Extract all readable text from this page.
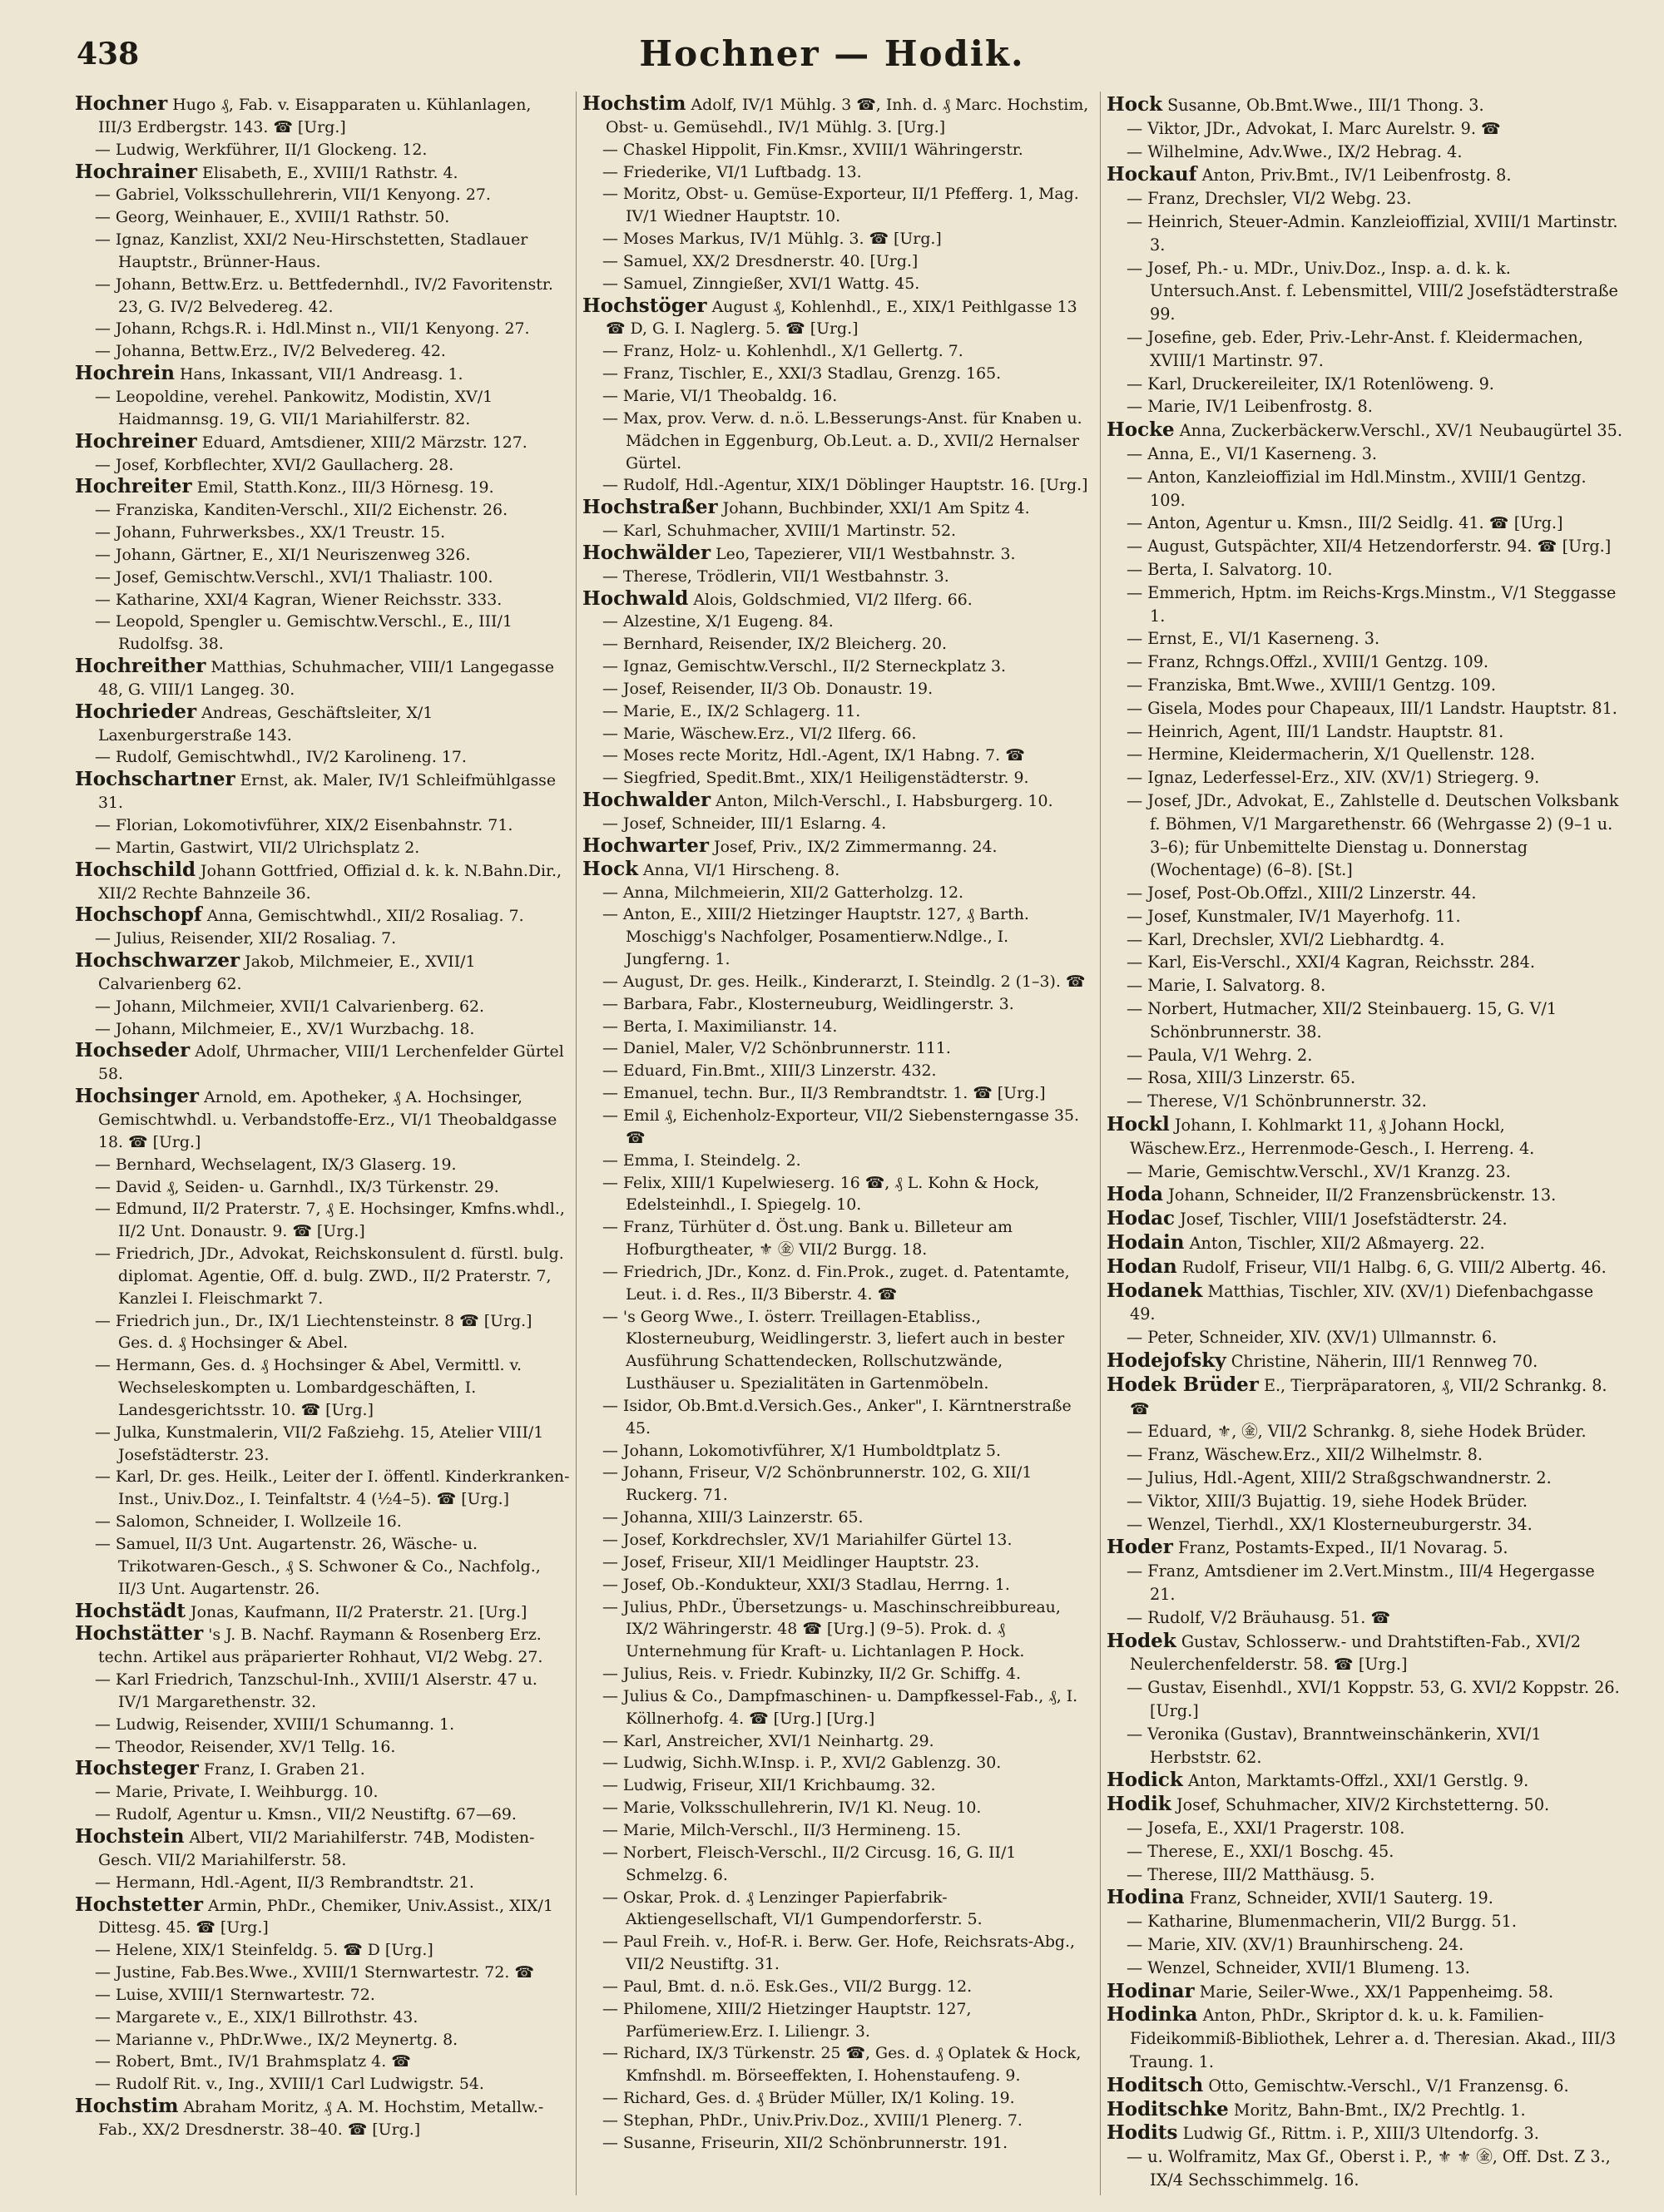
438	Hochner — Hodik.

Hochner Hugo ₰, Fab. v. Eisapparaten u. Kühlanlagen, III/3 Erdbergstr. 143. ☎ [Urg.]

— Ludwig, Werkführer, II/1 Glockeng. 12.

Hochrainer Elisabeth, E., XVIII/1 Rathstr. 4.

— Gabriel, Volksschullehrerin, VII/1 Kenyong. 27.

— Georg, Weinhauer, E., XVIII/1 Rathstr. 50.

— Ignaz, Kanzlist, XXI/2 Neu-Hirschstetten, Stadlauer Hauptstr., Brünner-Haus.

— Johann, Bettw.Erz. u. Bettfedernhdl., IV/2 Favoritenstr. 23, G. IV/2 Belvedereg. 42.

— Johann, Rchgs.R. i. Hdl.Minst n., VII/1 Kenyong. 27.

— Johanna, Bettw.Erz., IV/2 Belvedereg. 42.

Hochrein Hans, Inkassant, VII/1 Andreasg. 1.

— Leopoldine, verehel. Pankowitz, Modistin, XV/1 Haidmannsg. 19, G. VII/1 Mariahilferstr. 82.

Hochreiner Eduard, Amtsdiener, XIII/2 Märzstr. 127.

— Josef, Korbflechter, XVI/2 Gaullacherg. 28.

Hochreiter Emil, Statth.Konz., III/3 Hörnesg. 19.

— Franziska, Kanditen-Verschl., XII/2 Eichenstr. 26.

— Johann, Fuhrwerksbes., XX/1 Treustr. 15.

— Johann, Gärtner, E., XI/1 Neuriszenweg 326.

— Josef, Gemischtw.Verschl., XVI/1 Thaliastr. 100.

— Katharine, XXI/4 Kagran, Wiener Reichsstr. 333.

— Leopold, Spengler u. Gemischtw.Verschl., E., III/1 Rudolfsg. 38.

Hochreither Matthias, Schuhmacher, VIII/1 Langegasse 48, G. VIII/1 Langeg. 30.

Hochrieder Andreas, Geschäftsleiter, X/1 Laxenburgerstraße 143.

— Rudolf, Gemischtwhdl., IV/2 Karolineng. 17.

Hochschartner Ernst, ak. Maler, IV/1 Schleifmühlgasse 31.

— Florian, Lokomotivführer, XIX/2 Eisenbahnstr. 71.

— Martin, Gastwirt, VII/2 Ulrichsplatz 2.

Hochschild Johann Gottfried, Offizial d. k. k. N.Bahn.Dir., XII/2 Rechte Bahnzeile 36.

Hochschopf Anna, Gemischtwhdl., XII/2 Rosaliag. 7.

— Julius, Reisender, XII/2 Rosaliag. 7.

Hochschwarzer Jakob, Milchmeier, E., XVII/1 Calvarienberg 62.

— Johann, Milchmeier, XVII/1 Calvarienberg. 62.

— Johann, Milchmeier, E., XV/1 Wurzbachg. 18.

Hochseder Adolf, Uhrmacher, VIII/1 Lerchenfelder Gürtel 58.

Hochsinger Arnold, em. Apotheker, ₰ A. Hochsinger, Gemischtwhdl. u. Verbandstoffe-Erz., VI/1 Theobaldgasse 18. ☎ [Urg.]

— Bernhard, Wechselagent, IX/3 Glaserg. 19.

— David ₰, Seiden- u. Garnhdl., IX/3 Türkenstr. 29.

— Edmund, II/2 Praterstr. 7, ₰ E. Hochsinger, Kmfns.whdl., II/2 Unt. Donaustr. 9. ☎ [Urg.]

— Friedrich, JDr., Advokat, Reichskonsulent d. fürstl. bulg. diplomat. Agentie, Off. d. bulg. ZWD., II/2 Praterstr. 7, Kanzlei I. Fleischmarkt 7.

— Friedrich jun., Dr., IX/1 Liechtensteinstr. 8 ☎ [Urg.] Ges. d. ₰ Hochsinger & Abel.

— Hermann, Ges. d. ₰ Hochsinger & Abel, Vermittl. v. Wechseleskompten u. Lombardgeschäften, I. Landesgerichtsstr. 10. ☎ [Urg.]

— Julka, Kunstmalerin, VII/2 Faßziehg. 15, Atelier VIII/1 Josefstädterstr. 23.

— Karl, Dr. ges. Heilk., Leiter der I. öffentl. Kinderkranken-Inst., Univ.Doz., I. Teinfaltstr. 4 (½4–5). ☎ [Urg.]

— Salomon, Schneider, I. Wollzeile 16.

— Samuel, II/3 Unt. Augartenstr. 26, Wäsche- u. Trikotwaren-Gesch., ₰ S. Schwoner & Co., Nachfolg., II/3 Unt. Augartenstr. 26.

Hochstädt Jonas, Kaufmann, II/2 Praterstr. 21. [Urg.]

Hochstätter 's J. B. Nachf. Raymann & Rosenberg Erz. techn. Artikel aus präparierter Rohhaut, VI/2 Webg. 27.

— Karl Friedrich, Tanzschul-Inh., XVIII/1 Alserstr. 47 u. IV/1 Margarethenstr. 32.

— Ludwig, Reisender, XVIII/1 Schumanng. 1.

— Theodor, Reisender, XV/1 Tellg. 16.

Hochsteger Franz, I. Graben 21.

— Marie, Private, I. Weihburgg. 10.

— Rudolf, Agentur u. Kmsn., VII/2 Neustiftg. 67—69.

Hochstein Albert, VII/2 Mariahilferstr. 74B, Modisten-Gesch. VII/2 Mariahilferstr. 58.

— Hermann, Hdl.-Agent, II/3 Rembrandtstr. 21.

Hochstetter Armin, PhDr., Chemiker, Univ.Assist., XIX/1 Dittesg. 45. ☎ [Urg.]

— Helene, XIX/1 Steinfeldg. 5. ☎ D [Urg.]

— Justine, Fab.Bes.Wwe., XVIII/1 Sternwartestr. 72. ☎

— Luise, XVIII/1 Sternwartestr. 72.

— Margarete v., E., XIX/1 Billrothstr. 43.

— Marianne v., PhDr.Wwe., IX/2 Meynertg. 8.

— Robert, Bmt., IV/1 Brahmsplatz 4. ☎

— Rudolf Rit. v., Ing., XVIII/1 Carl Ludwigstr. 54.

Hochstim Abraham Moritz, ₰ A. M. Hochstim, Metallw.-Fab., XX/2 Dresdnerstr. 38–40. ☎ [Urg.]

Hochstim Adolf, IV/1 Mühlg. 3 ☎, Inh. d. ₰ Marc. Hochstim, Obst- u. Gemüsehdl., IV/1 Mühlg. 3. [Urg.]

— Chaskel Hippolit, Fin.Kmsr., XVIII/1 Währingerstr.

— Friederike, VI/1 Luftbadg. 13.

— Moritz, Obst- u. Gemüse-Exporteur, II/1 Pfefferg. 1, Mag. IV/1 Wiedner Hauptstr. 10.

— Moses Markus, IV/1 Mühlg. 3. ☎ [Urg.]

— Samuel, XX/2 Dresdnerstr. 40. [Urg.]

— Samuel, Zinngießer, XVI/1 Wattg. 45.

Hochstöger August ₰, Kohlenhdl., E., XIX/1 Peithlgasse 13 ☎ D, G. I. Naglerg. 5. ☎ [Urg.]

— Franz, Holz- u. Kohlenhdl., X/1 Gellertg. 7.

— Franz, Tischler, E., XXI/3 Stadlau, Grenzg. 165.

— Marie, VI/1 Theobaldg. 16.

— Max, prov. Verw. d. n.ö. L.Besserungs-Anst. für Knaben u. Mädchen in Eggenburg, Ob.Leut. a. D., XVII/2 Hernalser Gürtel.

— Rudolf, Hdl.-Agentur, XIX/1 Döblinger Hauptstr. 16. [Urg.]

Hochstraßer Johann, Buchbinder, XXI/1 Am Spitz 4.

— Karl, Schuhmacher, XVIII/1 Martinstr. 52.

Hochwälder Leo, Tapezierer, VII/1 Westbahnstr. 3.

— Therese, Trödlerin, VII/1 Westbahnstr. 3.

Hochwald Alois, Goldschmied, VI/2 Ilferg. 66.

— Alzestine, X/1 Eugeng. 84.

— Bernhard, Reisender, IX/2 Bleicherg. 20.

— Ignaz, Gemischtw.Verschl., II/2 Sterneckplatz 3.

— Josef, Reisender, II/3 Ob. Donaustr. 19.

— Marie, E., IX/2 Schlagerg. 11.

— Marie, Wäschew.Erz., VI/2 Ilferg. 66.

— Moses recte Moritz, Hdl.-Agent, IX/1 Habng. 7. ☎

— Siegfried, Spedit.Bmt., XIX/1 Heiligenstädterstr. 9.

Hochwalder Anton, Milch-Verschl., I. Habsburgerg. 10.

— Josef, Schneider, III/1 Eslarng. 4.

Hochwarter Josef, Priv., IX/2 Zimmermanng. 24.

Hock Anna, VI/1 Hirscheng. 8.

— Anna, Milchmeierin, XII/2 Gatterholzg. 12.

— Anton, E., XIII/2 Hietzinger Hauptstr. 127, ₰ Barth. Moschigg's Nachfolger, Posamentierw.Ndlge., I. Jungferng. 1.

— August, Dr. ges. Heilk., Kinderarzt, I. Steindlg. 2 (1–3). ☎

— Barbara, Fabr., Klosterneuburg, Weidlingerstr. 3.

— Berta, I. Maximilianstr. 14.

— Daniel, Maler, V/2 Schönbrunnerstr. 111.

— Eduard, Fin.Bmt., XIII/3 Linzerstr. 432.

— Emanuel, techn. Bur., II/3 Rembrandtstr. 1. ☎ [Urg.]

— Emil ₰, Eichenholz-Exporteur, VII/2 Siebensterngasse 35. ☎

— Emma, I. Steindelg. 2.

— Felix, XIII/1 Kupelwieserg. 16 ☎, ₰ L. Kohn & Hock, Edelsteinhdl., I. Spiegelg. 10.

— Franz, Türhüter d. Öst.ung. Bank u. Billeteur am Hofburgtheater, ⚜ ㊎ VII/2 Burgg. 18.

— Friedrich, JDr., Konz. d. Fin.Prok., zuget. d. Patentamte, Leut. i. d. Res., II/3 Biberstr. 4. ☎

— 's Georg Wwe., I. österr. Treillagen-Etabliss., Klosterneuburg, Weidlingerstr. 3, liefert auch in bester Ausführung Schattendecken, Rollschutzwände, Lusthäuser u. Spezialitäten in Gartenmöbeln.

— Isidor, Ob.Bmt.d.Versich.Ges., Anker", I. Kärntnerstraße 45.

— Johann, Lokomotivführer, X/1 Humboldtplatz 5.

— Johann, Friseur, V/2 Schönbrunnerstr. 102, G. XII/1 Ruckerg. 71.

— Johanna, XIII/3 Lainzerstr. 65.

— Josef, Korkdrechsler, XV/1 Mariahilfer Gürtel 13.

— Josef, Friseur, XII/1 Meidlinger Hauptstr. 23.

— Josef, Ob.-Kondukteur, XXI/3 Stadlau, Herrng. 1.

— Julius, PhDr., Übersetzungs- u. Maschinschreibbureau, IX/2 Währingerstr. 48 ☎ [Urg.] (9–5). Prok. d. ₰ Unternehmung für Kraft- u. Lichtanlagen P. Hock.

— Julius, Reis. v. Friedr. Kubinzky, II/2 Gr. Schiffg. 4.

— Julius & Co., Dampfmaschinen- u. Dampfkessel-Fab., ₰, I. Köllnerhofg. 4. ☎ [Urg.] [Urg.]

— Karl, Anstreicher, XVI/1 Neinhartg. 29.

— Ludwig, Sichh.W.Insp. i. P., XVI/2 Gablenzg. 30.

— Ludwig, Friseur, XII/1 Krichbaumg. 32.

— Marie, Volksschullehrerin, IV/1 Kl. Neug. 10.

— Marie, Milch-Verschl., II/3 Hermineng. 15.

— Norbert, Fleisch-Verschl., II/2 Circusg. 16, G. II/1 Schmelzg. 6.

— Oskar, Prok. d. ₰ Lenzinger Papierfabrik-Aktiengesellschaft, VI/1 Gumpendorferstr. 5.

— Paul Freih. v., Hof-R. i. Berw. Ger. Hofe, Reichsrats-Abg., VII/2 Neustiftg. 31.

— Paul, Bmt. d. n.ö. Esk.Ges., VII/2 Burgg. 12.

— Philomene, XIII/2 Hietzinger Hauptstr. 127, Parfümeriew.Erz. I. Liliengr. 3.

— Richard, IX/3 Türkenstr. 25 ☎, Ges. d. ₰ Oplatek & Hock, Kmfnshdl. m. Börseeffekten, I. Hohenstaufeng. 9.

— Richard, Ges. d. ₰ Brüder Müller, IX/1 Koling. 19.

— Stephan, PhDr., Univ.Priv.Doz., XVIII/1 Plenerg. 7.

— Susanne, Friseurin, XII/2 Schönbrunnerstr. 191.

Hock Susanne, Ob.Bmt.Wwe., III/1 Thong. 3.

— Viktor, JDr., Advokat, I. Marc Aurelstr. 9. ☎

— Wilhelmine, Adv.Wwe., IX/2 Hebrag. 4.

Hockauf Anton, Priv.Bmt., IV/1 Leibenfrostg. 8.

— Franz, Drechsler, VI/2 Webg. 23.

— Heinrich, Steuer-Admin. Kanzleioffizial, XVIII/1 Martinstr. 3.

— Josef, Ph.- u. MDr., Univ.Doz., Insp. a. d. k. k. Untersuch.Anst. f. Lebensmittel, VIII/2 Josefstädterstraße 99.

— Josefine, geb. Eder, Priv.-Lehr-Anst. f. Kleidermachen, XVIII/1 Martinstr. 97.

— Karl, Druckereileiter, IX/1 Rotenlöweng. 9.

— Marie, IV/1 Leibenfrostg. 8.

Hocke Anna, Zuckerbäckerw.Verschl., XV/1 Neubaugürtel 35.

— Anna, E., VI/1 Kaserneng. 3.

— Anton, Kanzleioffizial im Hdl.Minstm., XVIII/1 Gentzg. 109.

— Anton, Agentur u. Kmsn., III/2 Seidlg. 41. ☎ [Urg.]

— August, Gutspächter, XII/4 Hetzendorferstr. 94. ☎ [Urg.]

— Berta, I. Salvatorg. 10.

— Emmerich, Hptm. im Reichs-Krgs.Minstm., V/1 Steggasse 1.

— Ernst, E., VI/1 Kaserneng. 3.

— Franz, Rchngs.Offzl., XVIII/1 Gentzg. 109.

— Franziska, Bmt.Wwe., XVIII/1 Gentzg. 109.

— Gisela, Modes pour Chapeaux, III/1 Landstr. Hauptstr. 81.

— Heinrich, Agent, III/1 Landstr. Hauptstr. 81.

— Hermine, Kleidermacherin, X/1 Quellenstr. 128.

— Ignaz, Lederfessel-Erz., XIV. (XV/1) Striegerg. 9.

— Josef, JDr., Advokat, E., Zahlstelle d. Deutschen Volksbank f. Böhmen, V/1 Margarethenstr. 66 (Wehrgasse 2) (9–1 u. 3–6); für Unbemittelte Dienstag u. Donnerstag (Wochentage) (6–8). [St.]

— Josef, Post-Ob.Offzl., XIII/2 Linzerstr. 44.

— Josef, Kunstmaler, IV/1 Mayerhofg. 11.

— Karl, Drechsler, XVI/2 Liebhardtg. 4.

— Karl, Eis-Verschl., XXI/4 Kagran, Reichsstr. 284.

— Marie, I. Salvatorg. 8.

— Norbert, Hutmacher, XII/2 Steinbauerg. 15, G. V/1 Schönbrunnerstr. 38.

— Paula, V/1 Wehrg. 2.

— Rosa, XIII/3 Linzerstr. 65.

— Therese, V/1 Schönbrunnerstr. 32.

Hockl Johann, I. Kohlmarkt 11, ₰ Johann Hockl, Wäschew.Erz., Herrenmode-Gesch., I. Herreng. 4.

— Marie, Gemischtw.Verschl., XV/1 Kranzg. 23.

Hoda Johann, Schneider, II/2 Franzensbrückenstr. 13.

Hodac Josef, Tischler, VIII/1 Josefstädterstr. 24.

Hodain Anton, Tischler, XII/2 Aßmayerg. 22.

Hodan Rudolf, Friseur, VII/1 Halbg. 6, G. VIII/2 Albertg. 46.

Hodanek Matthias, Tischler, XIV. (XV/1) Diefenbachgasse 49.

— Peter, Schneider, XIV. (XV/1) Ullmannstr. 6.

Hodejofsky Christine, Näherin, III/1 Rennweg 70.

Hodek Brüder E., Tierpräparatoren, ₰, VII/2 Schrankg. 8. ☎

— Eduard, ⚜, ㊎, VII/2 Schrankg. 8, siehe Hodek Brüder.

— Franz, Wäschew.Erz., XII/2 Wilhelmstr. 8.

— Julius, Hdl.-Agent, XIII/2 Straßgschwandnerstr. 2.

— Viktor, XIII/3 Bujattig. 19, siehe Hodek Brüder.

— Wenzel, Tierhdl., XX/1 Klosterneuburgerstr. 34.

Hoder Franz, Postamts-Exped., II/1 Novarag. 5.

— Franz, Amtsdiener im 2.Vert.Minstm., III/4 Hegergasse 21.

— Rudolf, V/2 Bräuhausg. 51. ☎

Hodek Gustav, Schlosserw.- und Drahtstiften-Fab., XVI/2 Neulerchenfelderstr. 58. ☎ [Urg.]

— Gustav, Eisenhdl., XVI/1 Koppstr. 53, G. XVI/2 Koppstr. 26. [Urg.]

— Veronika (Gustav), Branntweinschänkerin, XVI/1 Herbststr. 62.

Hodick Anton, Marktamts-Offzl., XXI/1 Gerstlg. 9.

Hodik Josef, Schuhmacher, XIV/2 Kirchstetterng. 50.

— Josefa, E., XXI/1 Pragerstr. 108.

— Therese, E., XXI/1 Boschg. 45.

— Therese, III/2 Matthäusg. 5.

Hodina Franz, Schneider, XVII/1 Sauterg. 19.

— Katharine, Blumenmacherin, VII/2 Burgg. 51.

— Marie, XIV. (XV/1) Braunhirscheng. 24.

— Wenzel, Schneider, XVII/1 Blumeng. 13.

Hodinar Marie, Seiler-Wwe., XX/1 Pappenheimg. 58.

Hodinka Anton, PhDr., Skriptor d. k. u. k. Familien-Fideikommiß-Bibliothek, Lehrer a. d. Theresian. Akad., III/3 Traung. 1.

Hoditsch Otto, Gemischtw.-Verschl., V/1 Franzensg. 6.

Hoditschke Moritz, Bahn-Bmt., IX/2 Prechtlg. 1.

Hodits Ludwig Gf., Rittm. i. P., XIII/3 Ultendorfg. 3.

— u. Wolframitz, Max Gf., Oberst i. P., ⚜ ⚜ ㊎, Off. Dst. Z 3., IX/4 Sechsschimmelg. 16.
